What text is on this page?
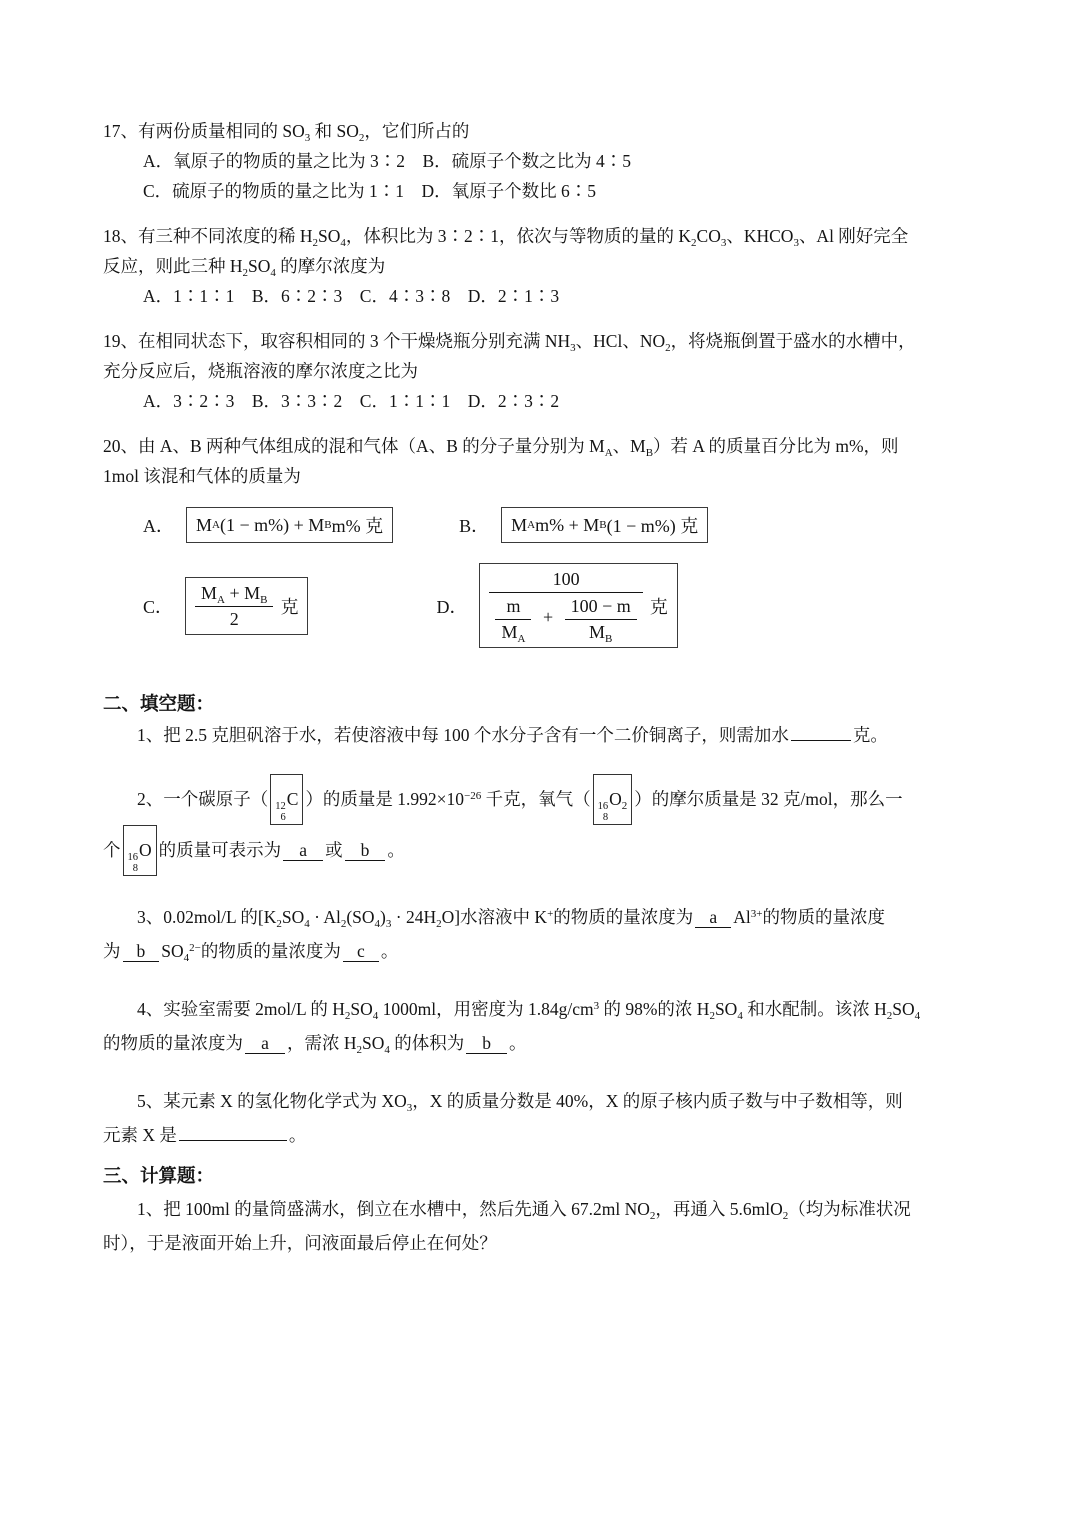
17、有两份质量相同的 $SO_3$ 和 $SO_2$，它们所占的
A．氧原子的物质的量之比为 3∶2　B．硫原子个数之比为 4∶5
C．硫原子的物质的量之比为 1∶1　D．氧原子个数比 6∶5
18、有三种不同浓度的稀 $H_2SO_4$，体积比为 3∶2∶1，依次与等物质的量的 $K_2CO_3$、$KHCO_3$、Al 刚好完全
反应，则此三种 $H_2SO_4$ 的摩尔浓度为
A．1∶1∶1　B．6∶2∶3　C．4∶3∶8　D．2∶1∶3
19、在相同状态下，取容积相同的 3 个干燥烧瓶分别充满 $NH_3$、HCl、$NO_2$，将烧瓶倒置于盛水的水槽中，
充分反应后，烧瓶溶液的摩尔浓度之比为
A．3∶2∶3　B．3∶3∶2　C．1∶1∶1　D．2∶3∶2
20、由 A、B 两种气体组成的混和气体（A、B 的分子量分别为 $M_A$、$M_B$）若 A 的质量百分比为 m%，则
1mol 该混和气体的质量为
A． M A (1 − m%) + M B m% 克	B． M A m% + M B (1 − m%) 克
C． $\frac{M_A + M_B}{2}$ 克	D．
100
$\frac{m}{M_A} + \frac{100 - m}{M_B}$ 克
二、填空题：
1、把 2.5 克胆矾溶于水，若使溶液中每 100 个水分子含有一个二价铜离子，则需加水	克。
2、一个碳原子（ 12
6
C ）的质量是 $1.992\times 10^{-26}$ 千克，氧气（ 16
8
$O_2$ ）的摩尔质量是 32 克/mol，那么一
个 16
8
O 的质量可表示为 a 或 b 。
3、0.02mol/L 的$[K_2SO_4 \cdot Al_2(SO_4)_3 \cdot 24H_2O]$水溶液中 K+的物质的量浓度为 a $Al^{3+}$的物质的量浓度
为 b $SO_4^{2-}$的物质的量浓度为 c 。
4、实验室需要 2mol/L 的 $H_2SO_4$ 1000ml，用密度为 $1.84g/cm^3$ 的 98%的浓 $H_2SO_4$ 和水配制。该浓 $H_2SO_4$
的物质的量浓度为 a ，需浓 $H_2SO_4$ 的体积为 b 。
5、某元素 X 的氢化物化学式为 $XO_3$，X 的质量分数是 40%，X 的原子核内质子数与中子数相等，则
元素 X 是	。
三、计算题：
1、把 100ml 的量筒盛满水，倒立在水槽中，然后先通入 67.2ml $NO_2$，再通入 5.6mlO$_2$（均为标准状况
时），于是液面开始上升，问液面最后停止在何处？
